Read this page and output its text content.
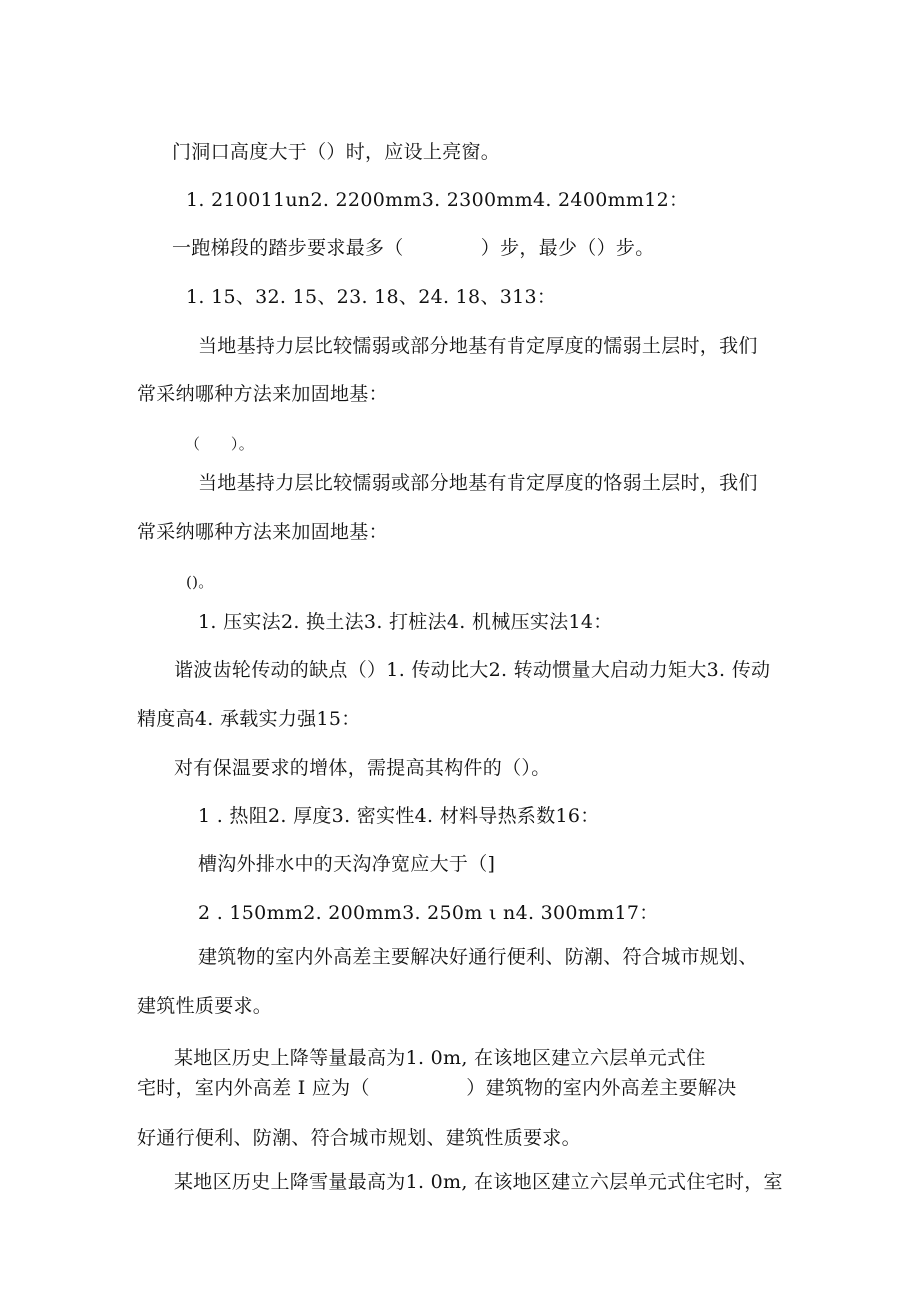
门洞口高度大于（）时，应设上亮窗。
1. 210011un2. 2200mm3. 2300mm4. 2400mm12：
一跑梯段的踏步要求最多（　　　　）步，最少（）步。
1. 15、32. 15、23. 18、24. 18、313：
当地基持力层比较懦弱或部分地基有肯定厚度的懦弱土层时，我们
常采纳哪种方法来加固地基：
（　　）。
当地基持力层比较懦弱或部分地基有肯定厚度的恪弱土层时，我们
常采纳哪种方法来加固地基：
()。
1. 压实法2. 换土法3. 打桩法4. 机械压实法14：
谐波齿轮传动的缺点（）1. 传动比大2. 转动惯量大启动力矩大3. 传动
精度高4. 承载实力强15：
对有保温要求的增体，需提高其构件的（）。
1 . 热阻2. 厚度3. 密实性4. 材料导热系数16：
槽沟外排水中的天沟净宽应大于（]
2 . 150mm2. 200mm3. 250m ι n4. 300mm17：
建筑物的室内外高差主要解决好通行便利、防潮、符合城市规划、
建筑性质要求。
某地区历史上降等量最高为1. 0m, 在该地区建立六层单元式住
宅时，室内外高差 I 应为（　　　　　）建筑物的室内外高差主要解决
好通行便利、防潮、符合城市规划、建筑性质要求。
某地区历史上降雪量最高为1. 0m, 在该地区建立六层单元式住宅时，室
